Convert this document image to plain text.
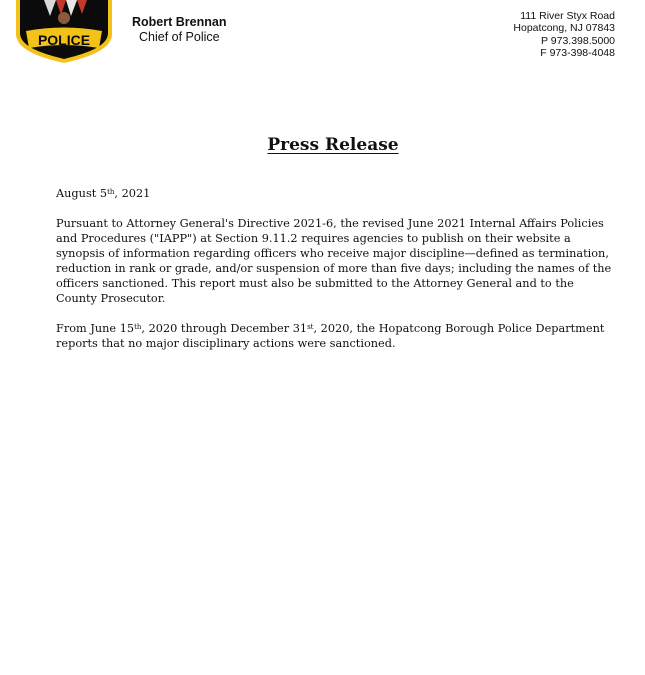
POLICE
Robert Brennan
Chief of Police
111 River Styx Road
Hopatcong, NJ 07843
P 973.398.5000
F 973-398-4048
Press Release

August 5th, 2021

Pursuant to Attorney General's Directive 2021-6, the revised June 2021 Internal Affairs Policies and Procedures ("IAPP") at Section 9.11.2 requires agencies to publish on their website a synopsis of information regarding officers who receive major discipline—defined as termination, reduction in rank or grade, and/or suspension of more than five days; including the names of the officers sanctioned. This report must also be submitted to the Attorney General and to the County Prosecutor.

From June 15th, 2020 through December 31st, 2020, the Hopatcong Borough Police Department reports that no major disciplinary actions were sanctioned.
